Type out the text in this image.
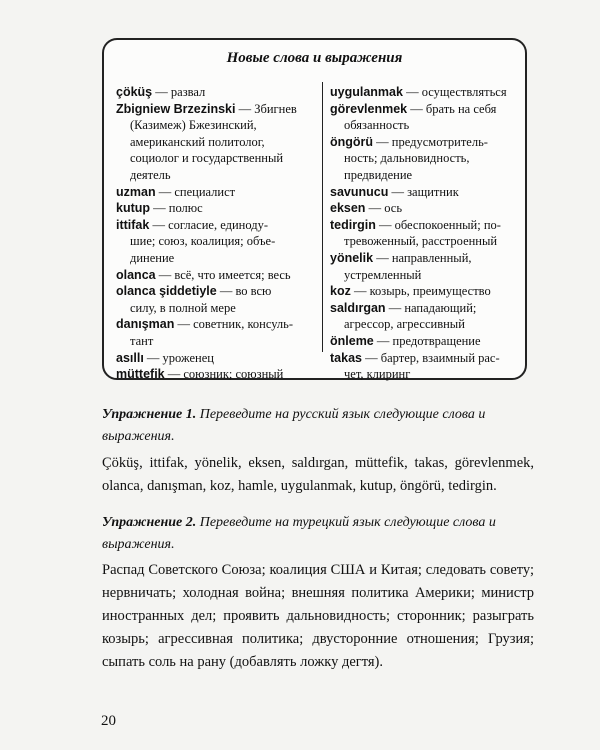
Новые слова и выражения
çöküş — развал
Zbigniew Brzezinski — Збигнев
(Казимеж) Бжезинский,
американский политолог,
социолог и государственный
деятель
uzman — специалист
kutup — полюс
ittifak — согласие, единоду-
шие; союз, коалиция; объе-
динение
olanca — всё, что имеется; весь
olanca şiddetiyle — во всю
силу, в полной мере
danışman — советник, консуль-
тант
asıllı — уроженец
müttefik — союзник; союзный
uygulanmak — осуществляться
görevlenmek — брать на себя
обязанность
öngörü — предусмотритель-
ность; дальновидность,
предвидение
savunucu — защитник
eksen — ось
tedirgin — обеспокоенный; по-
тревоженный, расстроенный
yönelik — направленный,
устремленный
koz — козырь, преимущество
saldırgan — нападающий;
агрессор, агрессивный
önleme — предотвращение
takas — бартер, взаимный рас-
чет, клиринг
Упражнение 1. Переведите на русский язык следующие слова и выражения.
Çöküş, ittifak, yönelik, eksen, saldırgan, müttefik, takas, görevlenmek, olanca, danışman, koz, hamle, uygulanmak, kutup, öngörü, tedirgin.
Упражнение 2. Переведите на турецкий язык следующие слова и выражения.
Распад Советского Союза; коалиция США и Китая; следовать совету; нервничать; холодная война; внешняя политика Америки; министр иностранных дел; проявить дальновидность; сторонник; разыграть козырь; агрессивная политика; двусторонние отношения; Грузия; сыпать соль на рану (добавлять ложку дегтя).
20
